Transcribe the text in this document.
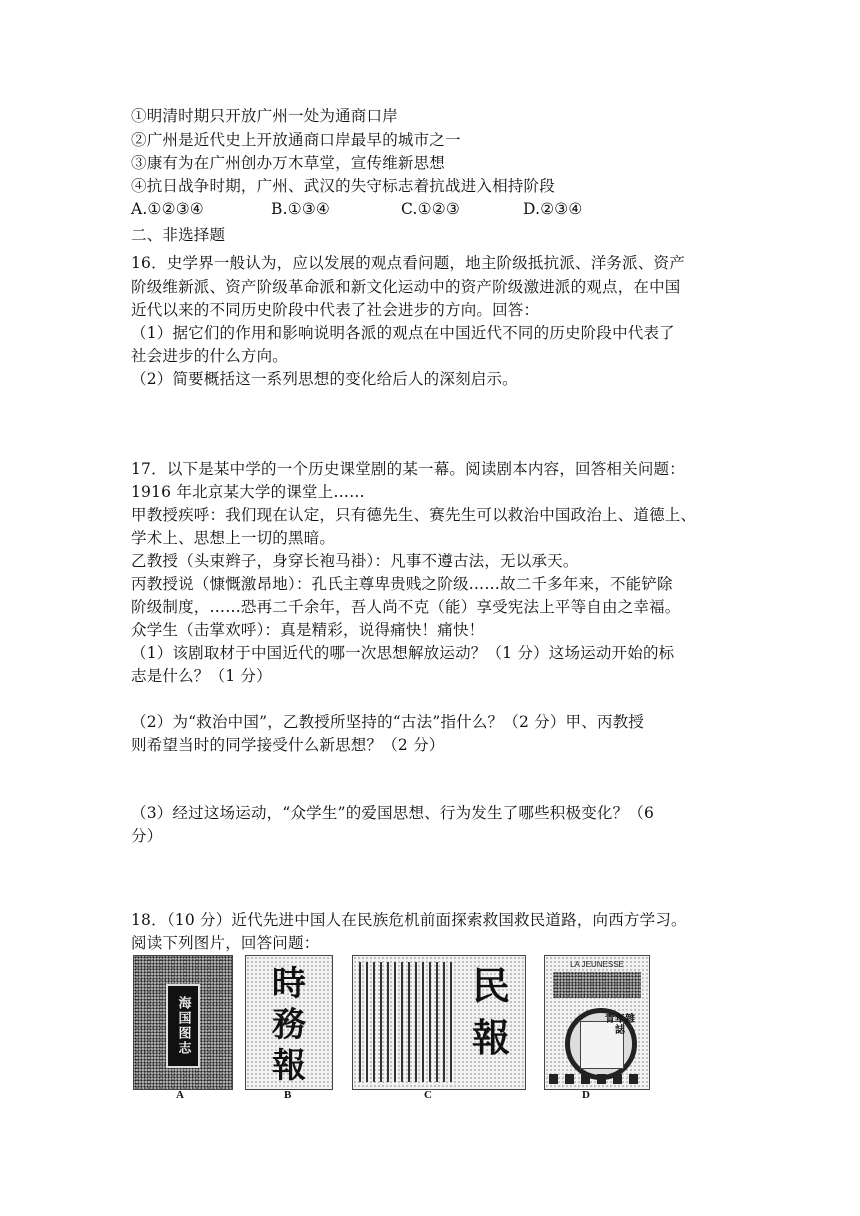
①明清时期只开放广州一处为通商口岸
②广州是近代史上开放通商口岸最早的城市之一
③康有为在广州创办万木草堂，宣传维新思想
④抗日战争时期，广州、武汉的失守标志着抗战进入相持阶段
A.①②③④	B.①③④	C.①②③	D.②③④
二、非选择题
16．史学界一般认为，应以发展的观点看问题，地主阶级抵抗派、洋务派、资产
阶级维新派、资产阶级革命派和新文化运动中的资产阶级激进派的观点，在中国
近代以来的不同历史阶段中代表了社会进步的方向。回答：
（1）据它们的作用和影响说明各派的观点在中国近代不同的历史阶段中代表了
社会进步的什么方向。
（2）简要概括这一系列思想的变化给后人的深刻启示。
17．以下是某中学的一个历史课堂剧的某一幕。阅读剧本内容，回答相关问题：
1916 年北京某大学的课堂上……
甲教授疾呼：我们现在认定，只有德先生、赛先生可以救治中国政治上、道德上、
学术上、思想上一切的黑暗。
乙教授（头束辫子，身穿长袍马褂）：凡事不遵古法，无以承天。
丙教授说（慷慨激昂地）：孔氏主尊卑贵贱之阶级……故二千多年来，不能铲除
阶级制度，……恐再二千余年，吾人尚不克（能）享受宪法上平等自由之幸福。
众学生（击掌欢呼）：真是精彩，说得痛快！痛快！
（1）该剧取材于中国近代的哪一次思想解放运动？（1 分）这场运动开始的标
志是什么？（1 分）
（2）为“救治中国”，乙教授所坚持的“古法”指什么？（2 分）甲、丙教授
则希望当时的同学接受什么新思想？（2 分）
（3）经过这场运动，“众学生”的爱国思想、行为发生了哪些积极变化？（6
分）
18．（10 分）近代先进中国人在民族危机前面探索救国救民道路，向西方学习。
阅读下列图片，回答问题：
海国图志
A
時
務
報
B
民
報
C
LA JEUNESSE
青年雜誌
D
